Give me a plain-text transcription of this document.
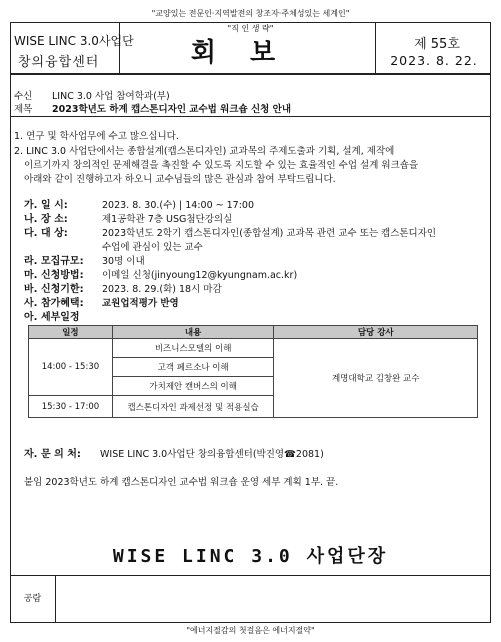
"교양있는 전문인·지역발전의 창조자·주체성있는 세계인"
WISE LINC 3.0사업단
창의융합센터
"직 인 생 략"
회보	제 55호
2023. 8. 22.
수신 LINC 3.0 사업 참여학과(부)
제목 2023학년도 하계 캡스톤디자인 교수법 워크숍 신청 안내
1. 연구 및 학사업무에 수고 많으십니다.
2. LINC 3.0 사업단에서는 종합설계(캡스톤디자인) 교과목의 주제도출과 기획, 설계, 제작에
이르기까지 창의적인 문제해결을 촉진할 수 있도록 지도할 수 있는 효율적인 수업 설계 워크숍을
아래와 같이 진행하고자 하오니 교수님들의 많은 관심과 참여 부탁드립니다.
가. 일 시:	2023. 8. 30.(수) | 14:00 ~ 17:00
나. 장 소:	제1공학관 7층 USG첨단강의실
다. 대 상:	2023학년도 2학기 캡스톤디자인(종합설계) 교과목 관련 교수 또는 캡스톤디자인
수업에 관심이 있는 교수
라. 모집규모: 30명 이내
마. 신청방법: 이메일 신청(jinyoung12@kyungnam.ac.kr)
바. 신청기한: 2023. 8. 29.(화) 18시 마감
사. 참가혜택: 교원업적평가 반영
아. 세부일정
일정	내용	담당 강사
14:00 - 15:30	비즈니스모델의 이해	계명대학교 김창완 교수
	고객 페르소나 이해	
	가치제안 캔버스의 이해	
15:30 - 17:00	캡스톤디자인 과제선정 및 적용실습	
자. 문 의 처: WISE LINC 3.0사업단 창의융합센터(박진영☎2081)
붙임 2023학년도 하계 캡스톤디자인 교수법 워크숍 운영 세부 계획 1부. 끝.
WISE LINC 3.0 사업단장
공람
"에너지절감의 첫걸음은 에너지절약"
